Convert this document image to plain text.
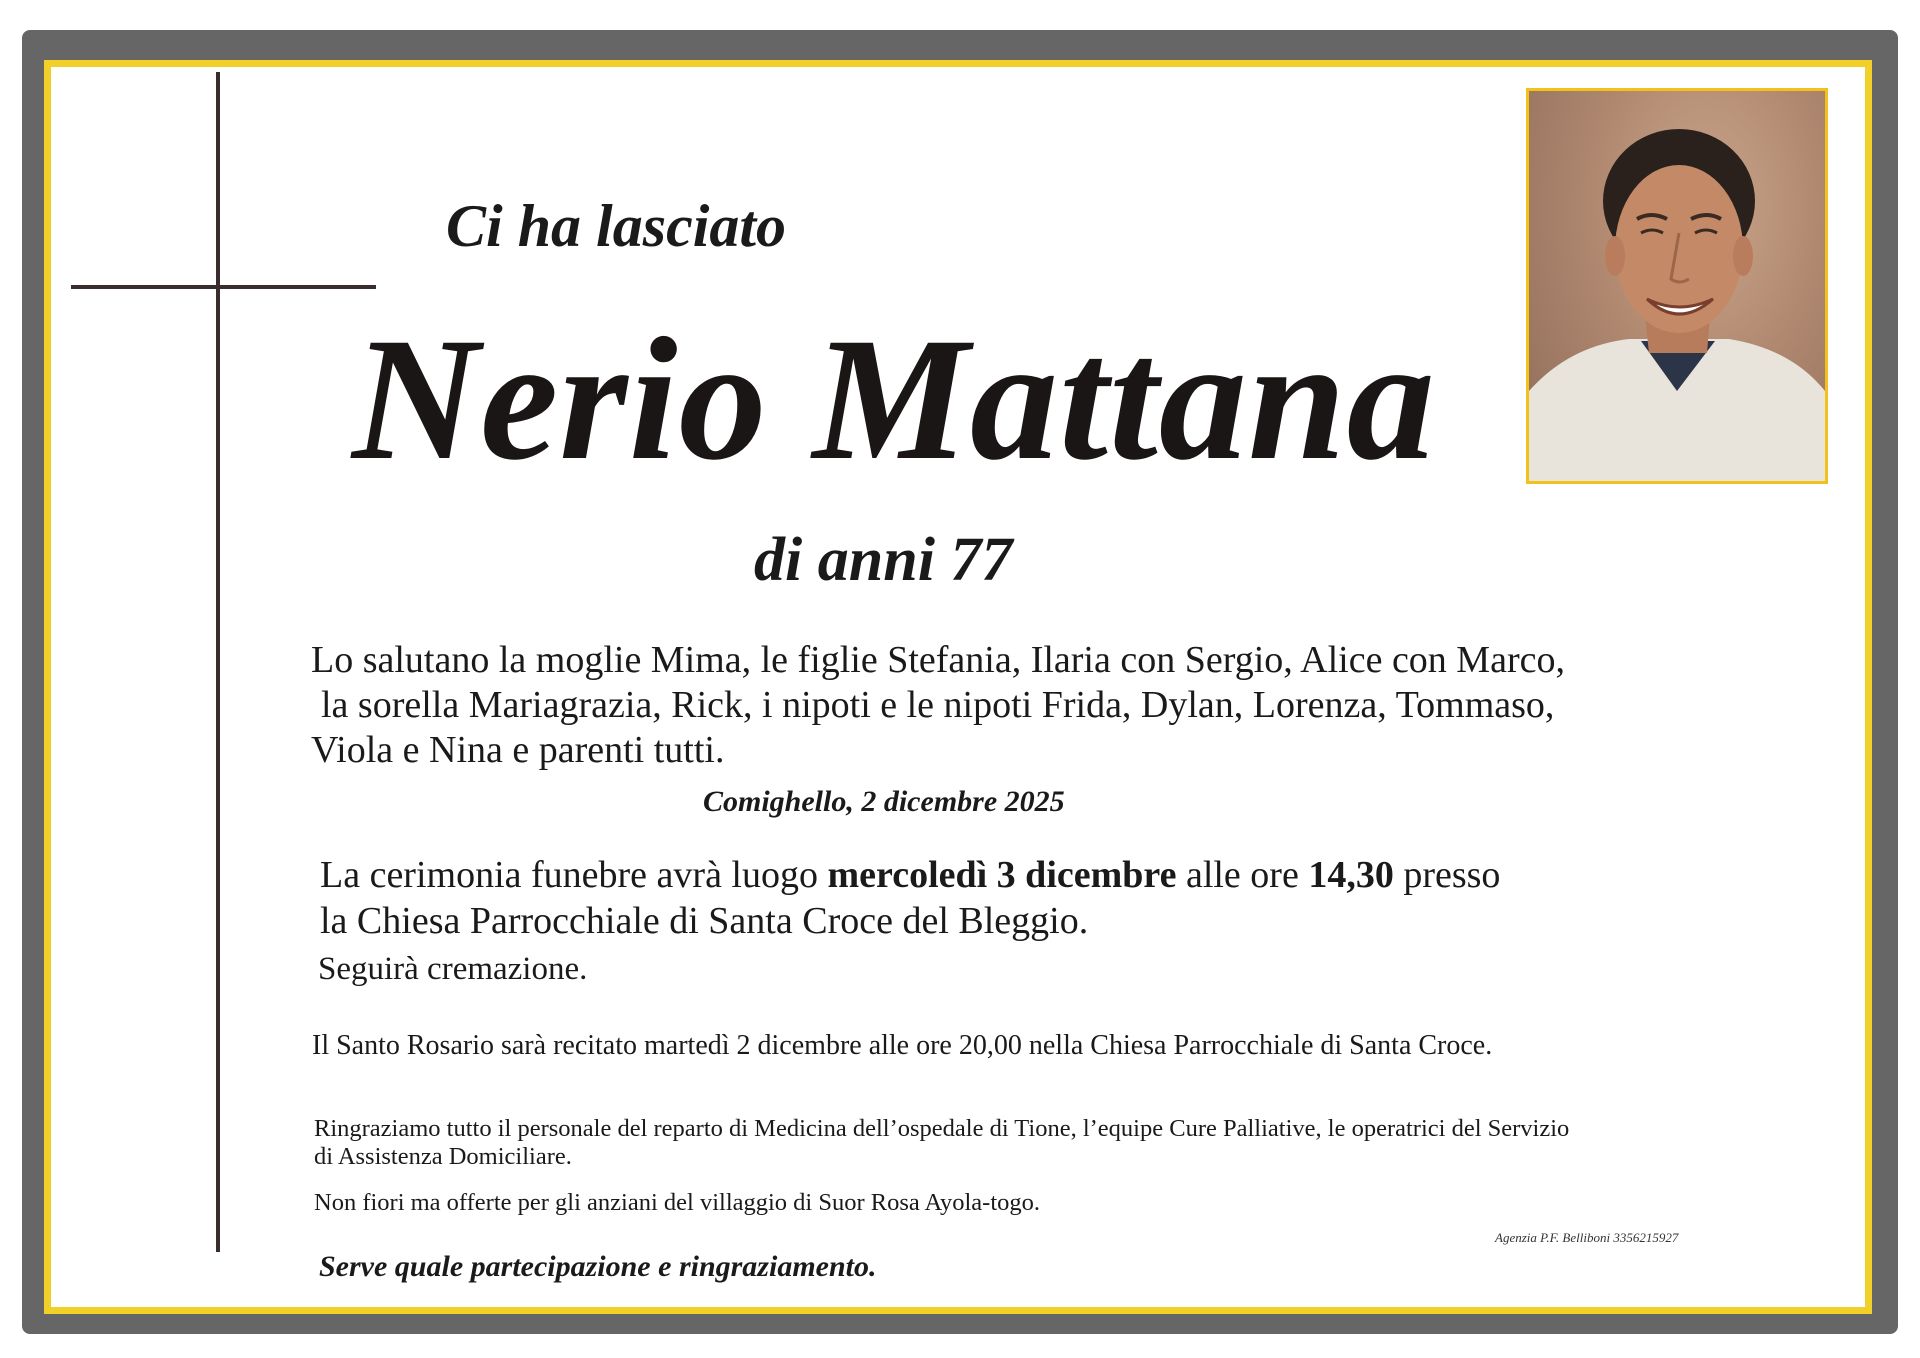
Ci ha lasciato
Nerio Mattana
di anni 77
Lo salutano la moglie Mima, le figlie Stefania, Ilaria con Sergio, Alice con Marco,
la sorella Mariagrazia, Rick, i nipoti e le nipoti Frida, Dylan, Lorenza, Tommaso,
Viola e Nina e parenti tutti.
Comighello, 2 dicembre 2025
La cerimonia funebre avrà luogo mercoledì 3 dicembre alle ore 14,30 presso
la Chiesa Parrocchiale di Santa Croce del Bleggio.
Seguirà cremazione.
Il Santo Rosario sarà recitato martedì 2 dicembre alle ore 20,00 nella Chiesa Parrocchiale di Santa Croce.
Ringraziamo tutto il personale del reparto di Medicina dell’ospedale di Tione, l’equipe Cure Palliative, le operatrici del Servizio
di Assistenza Domiciliare.
Non fiori ma offerte per gli anziani del villaggio di Suor Rosa Ayola-togo.
Agenzia P.F. Belliboni 3356215927
Serve quale partecipazione e ringraziamento.
